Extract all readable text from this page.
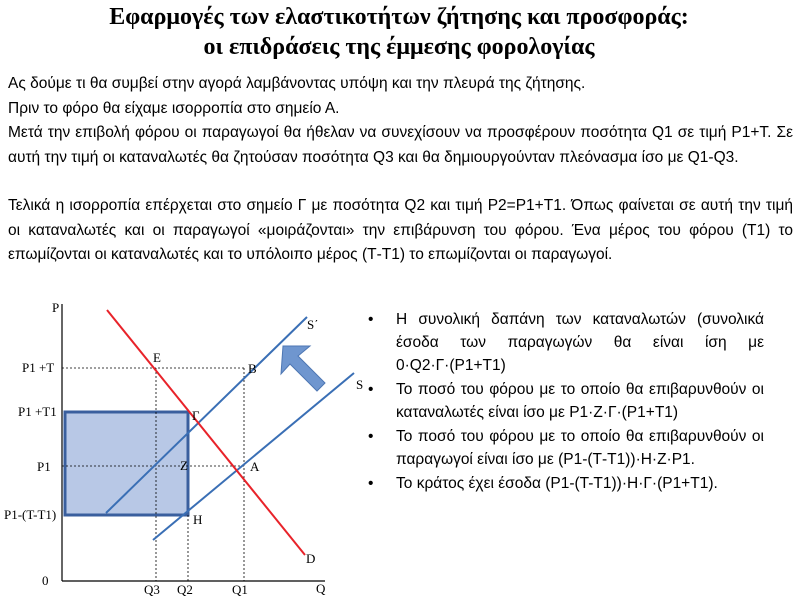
Εφαρμογές των ελαστικοτήτων ζήτησης και προσφοράς:
οι επιδράσεις της έμμεσης φορολογίας
Ας δούμε τι θα συμβεί στην αγορά λαμβάνοντας υπόψη και την πλευρά της ζήτησης.
Πριν το φόρο θα είχαμε ισορροπία στο σημείο Α.
Μετά την επιβολή φόρου οι παραγωγοί θα ήθελαν να συνεχίσουν να προσφέρουν ποσότητα Q1 σε τιμή P1+T. Σε αυτή την τιμή οι καταναλωτές θα ζητούσαν ποσότητα Q3 και θα δημιουργούνταν πλεόνασμα ίσο με Q1-Q3.
Τελικά η ισορροπία επέρχεται στο σημείο Γ με ποσότητα Q2 και τιμή P2=P1+T1. Όπως φαίνεται σε αυτή την τιμή οι καταναλωτές και οι παραγωγοί «μοιράζονται» την επιβάρυνση του φόρου. Ένα μέρος του φόρου (Τ1) το επωμίζονται οι καταναλωτές και το υπόλοιπο μέρος (Τ-Τ1) το επωμίζονται οι παραγωγοί.
P
Q
0
P1 +T
P1 +T1
P1
P1-(T-T1)
Q3 Q2	Q1
S΄
S
D
E
B
Γ
Z	A
H
• Η συνολική δαπάνη των καταναλωτών (συνολικά έσοδα των παραγωγών θα είναι ίση με 0·Q2·Γ·(P1+T1)
• Το ποσό του φόρου με το οποίο θα επιβαρυνθούν οι καταναλωτές είναι ίσο με P1·Z·Γ·(P1+T1)
• Το ποσό του φόρου με το οποίο θα επιβαρυνθούν οι παραγωγοί είναι ίσο με (P1-(Τ-Τ1))·Η·Ζ·P1.
• Το κράτος έχει έσοδα (P1-(T-T1))·Η·Γ·(P1+T1).
